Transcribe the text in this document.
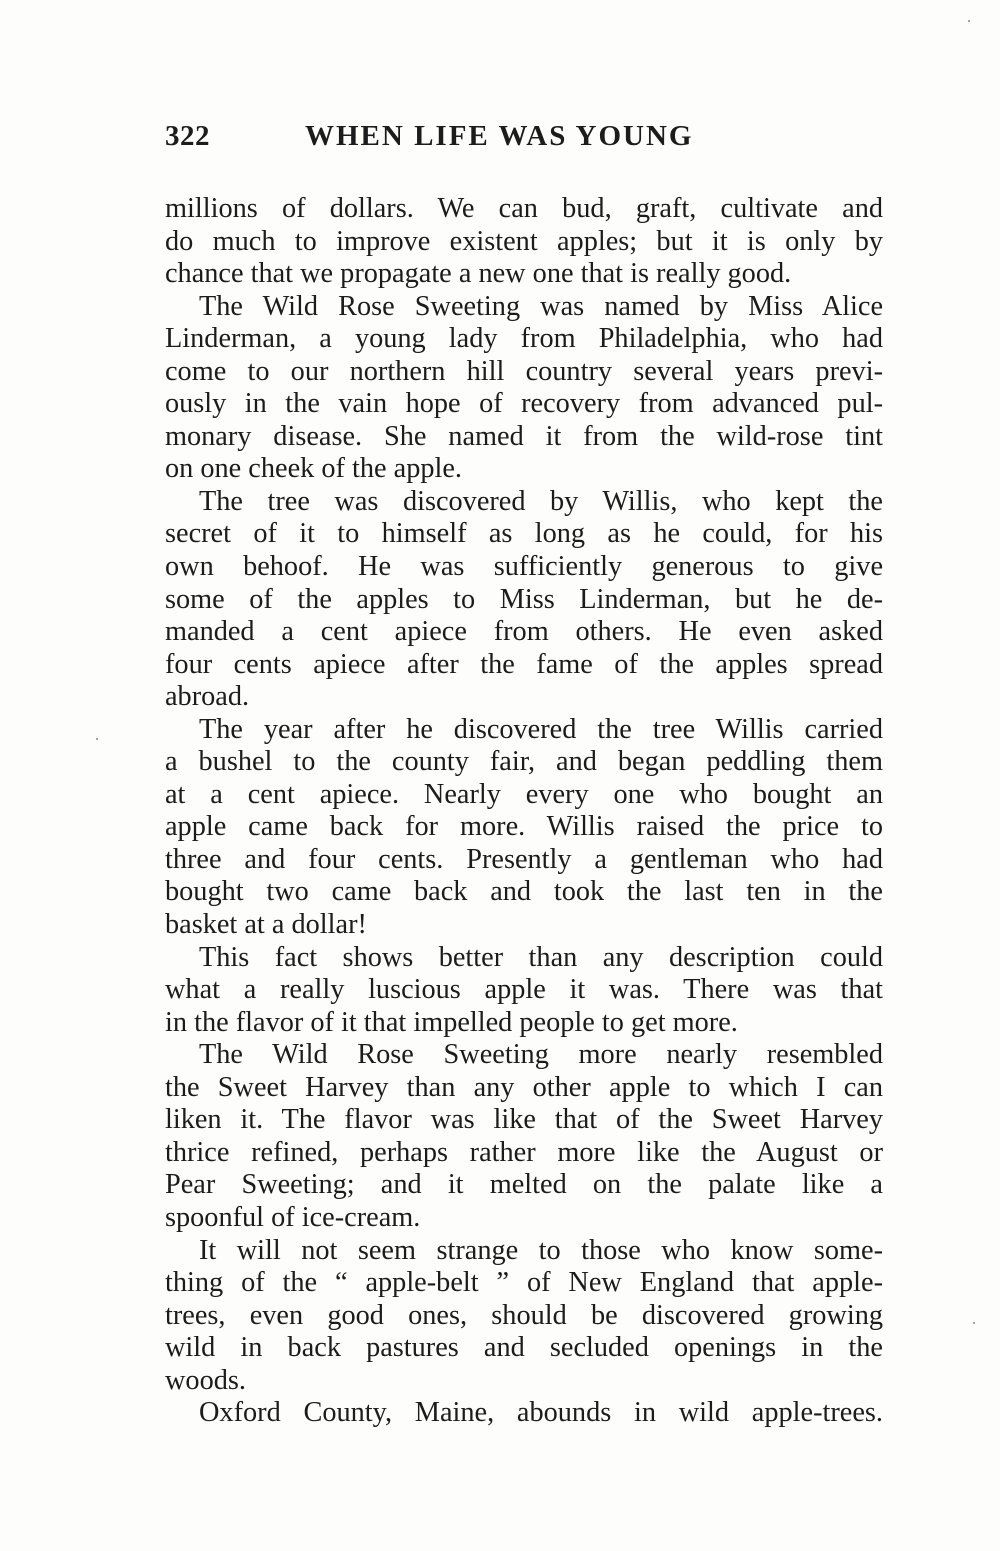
322	WHEN LIFE WAS YOUNG
millions of dollars. We can bud, graft, cultivate and
do much to improve existent apples; but it is only by
chance that we propagate a new one that is really good.
The Wild Rose Sweeting was named by Miss Alice
Linderman, a young lady from Philadelphia, who had
come to our northern hill country several years previ-
ously in the vain hope of recovery from advanced pul-
monary disease. She named it from the wild-rose tint
on one cheek of the apple.
The tree was discovered by Willis, who kept the
secret of it to himself as long as he could, for his
own behoof. He was sufficiently generous to give
some of the apples to Miss Linderman, but he de-
manded a cent apiece from others. He even asked
four cents apiece after the fame of the apples spread
abroad.
The year after he discovered the tree Willis carried
a bushel to the county fair, and began peddling them
at a cent apiece. Nearly every one who bought an
apple came back for more. Willis raised the price to
three and four cents. Presently a gentleman who had
bought two came back and took the last ten in the
basket at a dollar!
This fact shows better than any description could
what a really luscious apple it was. There was that
in the flavor of it that impelled people to get more.
The Wild Rose Sweeting more nearly resembled
the Sweet Harvey than any other apple to which I can
liken it. The flavor was like that of the Sweet Harvey
thrice refined, perhaps rather more like the August or
Pear Sweeting; and it melted on the palate like a
spoonful of ice-cream.
It will not seem strange to those who know some-
thing of the “ apple-belt ” of New England that apple-
trees, even good ones, should be discovered growing
wild in back pastures and secluded openings in the
woods.
Oxford County, Maine, abounds in wild apple-trees.
